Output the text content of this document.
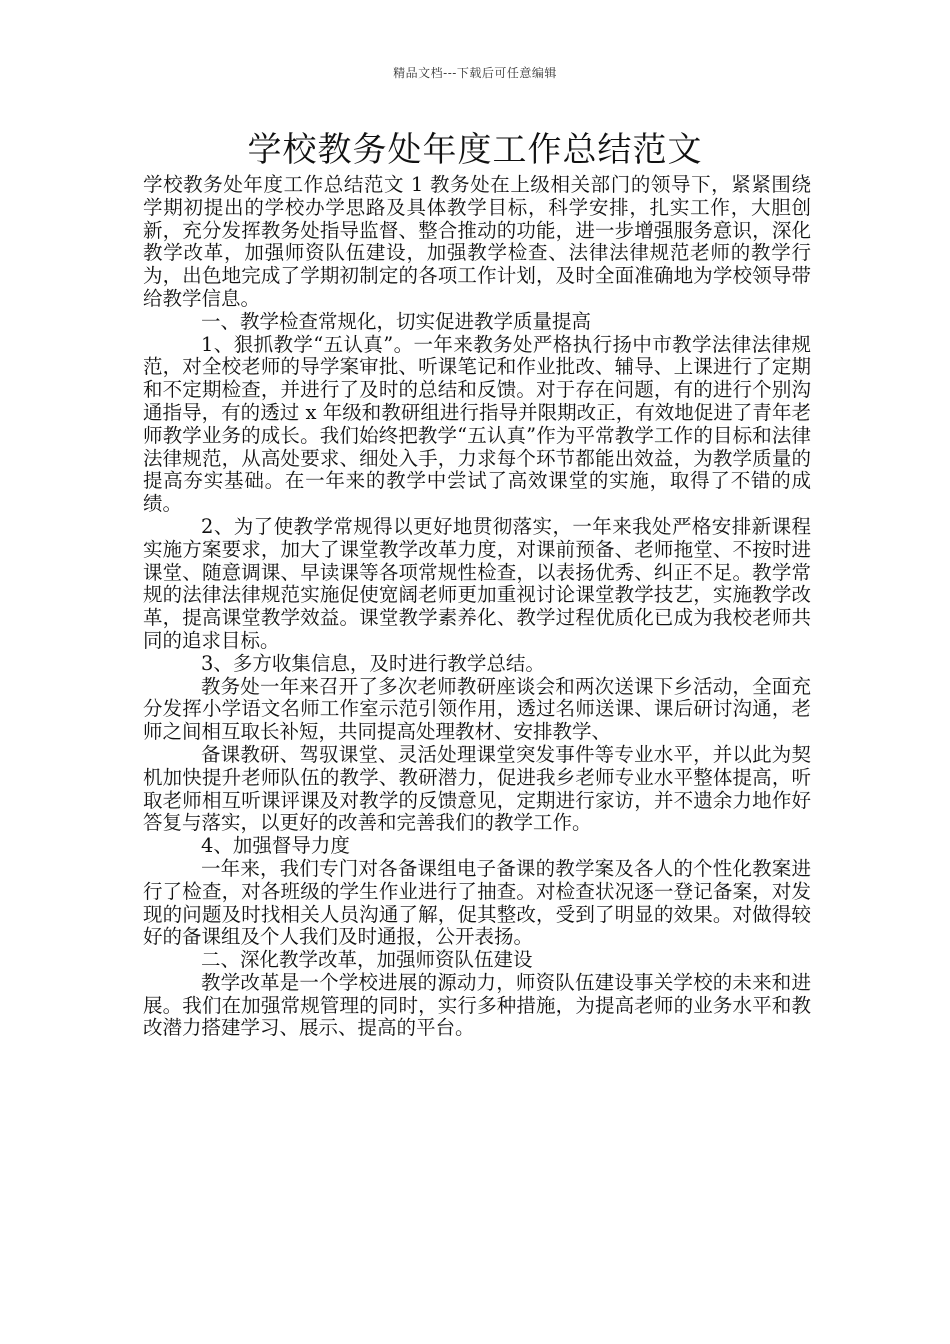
精品文档---下载后可任意编辑
学校教务处年度工作总结范文

学校教务处年度工作总结范文 1 教务处在上级相关部门的领导下，紧紧围绕学期初提出的学校办学思路及具体教学目标，科学安排，扎实工作，大胆创新，充分发挥教务处指导监督、整合推动的功能，进一步增强服务意识，深化教学改革，加强师资队伍建设，加强教学检查、法律法律规范老师的教学行为，出色地完成了学期初制定的各项工作计划，及时全面准确地为学校领导带给教学信息。

一、教学检查常规化，切实促进教学质量提高

1、狠抓教学“五认真”。一年来教务处严格执行扬中市教学法律法律规范，对全校老师的导学案审批、听课笔记和作业批改、辅导、上课进行了定期和不定期检查，并进行了及时的总结和反馈。对于存在问题，有的进行个别沟通指导，有的透过 x 年级和教研组进行指导并限期改正，有效地促进了青年老师教学业务的成长。我们始终把教学“五认真”作为平常教学工作的目标和法律法律规范，从高处要求、细处入手，力求每个环节都能出效益，为教学质量的提高夯实基础。在一年来的教学中尝试了高效课堂的实施，取得了不错的成绩。

2、为了使教学常规得以更好地贯彻落实，一年来我处严格安排新课程实施方案要求，加大了课堂教学改革力度，对课前预备、老师拖堂、不按时进课堂、随意调课、早读课等各项常规性检查，以表扬优秀、纠正不足。教学常规的法律法律规范实施促使宽阔老师更加重视讨论课堂教学技艺，实施教学改革，提高课堂教学效益。课堂教学素养化、教学过程优质化已成为我校老师共同的追求目标。

3、多方收集信息，及时进行教学总结。

教务处一年来召开了多次老师教研座谈会和两次送课下乡活动，全面充分发挥小学语文名师工作室示范引领作用，透过名师送课、课后研讨沟通，老师之间相互取长补短，共同提高处理教材、安排教学、

备课教研、驾驭课堂、灵活处理课堂突发事件等专业水平，并以此为契机加快提升老师队伍的教学、教研潜力，促进我乡老师专业水平整体提高，听取老师相互听课评课及对教学的反馈意见，定期进行家访，并不遗余力地作好答复与落实，以更好的改善和完善我们的教学工作。

4、加强督导力度

一年来，我们专门对各备课组电子备课的教学案及各人的个性化教案进行了检查，对各班级的学生作业进行了抽查。对检查状况逐一登记备案，对发现的问题及时找相关人员沟通了解，促其整改，受到了明显的效果。对做得较好的备课组及个人我们及时通报，公开表扬。

二、深化教学改革，加强师资队伍建设

教学改革是一个学校进展的源动力，师资队伍建设事关学校的未来和进展。我们在加强常规管理的同时，实行多种措施，为提高老师的业务水平和教改潜力搭建学习、展示、提高的平台。
